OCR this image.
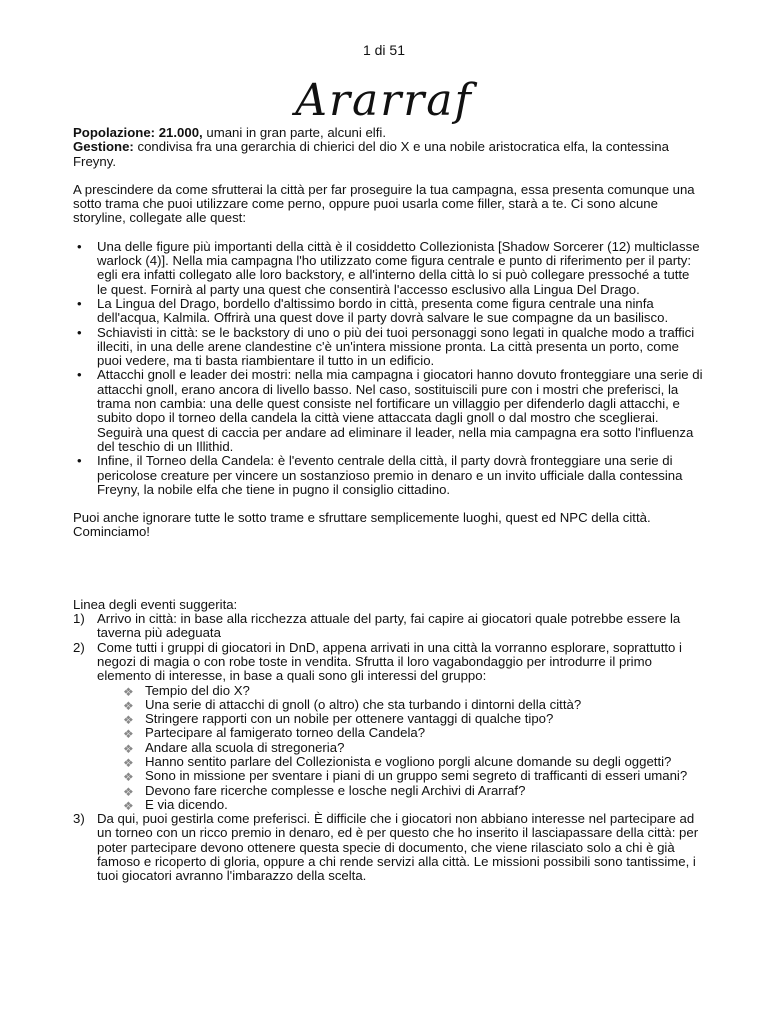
1 di 51
Ararraf

Popolazione: 21.000, umani in gran parte, alcuni elfi.

Gestione: condivisa fra una gerarchia di chierici del dio X e una nobile aristocratica elfa, la contessina Freyny.

A prescindere da come sfrutterai la città per far proseguire la tua campagna, essa presenta comunque una sotto trama che puoi utilizzare come perno, oppure puoi usarla come filler, starà a te. Ci sono alcune storyline, collegate alle quest:

• Una delle figure più importanti della città è il cosiddetto Collezionista [Shadow Sorcerer (12) multiclasse warlock (4)]. Nella mia campagna l'ho utilizzato come figura centrale e punto di riferimento per il party: egli era infatti collegato alle loro backstory, e all'interno della città lo si può collegare pressoché a tutte le quest. Fornirà al party una quest che consentirà l'accesso esclusivo alla Lingua Del Drago.
• La Lingua del Drago, bordello d'altissimo bordo in città, presenta come figura centrale una ninfa dell'acqua, Kalmila. Offrirà una quest dove il party dovrà salvare le sue compagne da un basilisco.
• Schiavisti in città: se le backstory di uno o più dei tuoi personaggi sono legati in qualche modo a traffici illeciti, in una delle arene clandestine c'è un'intera missione pronta. La città presenta un porto, come puoi vedere, ma ti basta riambientare il tutto in un edificio.
• Attacchi gnoll e leader dei mostri: nella mia campagna i giocatori hanno dovuto fronteggiare una serie di attacchi gnoll, erano ancora di livello basso. Nel caso, sostituiscili pure con i mostri che preferisci, la trama non cambia: una delle quest consiste nel fortificare un villaggio per difenderlo dagli attacchi, e subito dopo il torneo della candela la città viene attaccata dagli gnoll o dal mostro che sceglierai. Seguirà una quest di caccia per andare ad eliminare il leader, nella mia campagna era sotto l'influenza del teschio di un Illithid.
• Infine, il Torneo della Candela: è l'evento centrale della città, il party dovrà fronteggiare una serie di pericolose creature per vincere un sostanzioso premio in denaro e un invito ufficiale dalla contessina Freyny, la nobile elfa che tiene in pugno il consiglio cittadino.

Puoi anche ignorare tutte le sotto trame e sfruttare semplicemente luoghi, quest ed NPC della città. Cominciamo!

Linea degli eventi suggerita:

1) Arrivo in città: in base alla ricchezza attuale del party, fai capire ai giocatori quale potrebbe essere la taverna più adeguata
2) Come tutti i gruppi di giocatori in DnD, appena arrivati in una città la vorranno esplorare, soprattutto i negozi di magia o con robe toste in vendita. Sfrutta il loro vagabondaggio per introdurre il primo elemento di interesse, in base a quali sono gli interessi del gruppo:
❖ Tempio del dio X?
❖ Una serie di attacchi di gnoll (o altro) che sta turbando i dintorni della città?
❖ Stringere rapporti con un nobile per ottenere vantaggi di qualche tipo?
❖ Partecipare al famigerato torneo della Candela?
❖ Andare alla scuola di stregoneria?
❖ Hanno sentito parlare del Collezionista e vogliono porgli alcune domande su degli oggetti?
❖ Sono in missione per sventare i piani di un gruppo semi segreto di trafficanti di esseri umani?
❖ Devono fare ricerche complesse e losche negli Archivi di Ararraf?
❖ E via dicendo.
3) Da qui, puoi gestirla come preferisci. È difficile che i giocatori non abbiano interesse nel partecipare ad un torneo con un ricco premio in denaro, ed è per questo che ho inserito il lasciapassare della città: per poter partecipare devono ottenere questa specie di documento, che viene rilasciato solo a chi è già famoso e ricoperto di gloria, oppure a chi rende servizi alla città. Le missioni possibili sono tantissime, i tuoi giocatori avranno l'imbarazzo della scelta.
